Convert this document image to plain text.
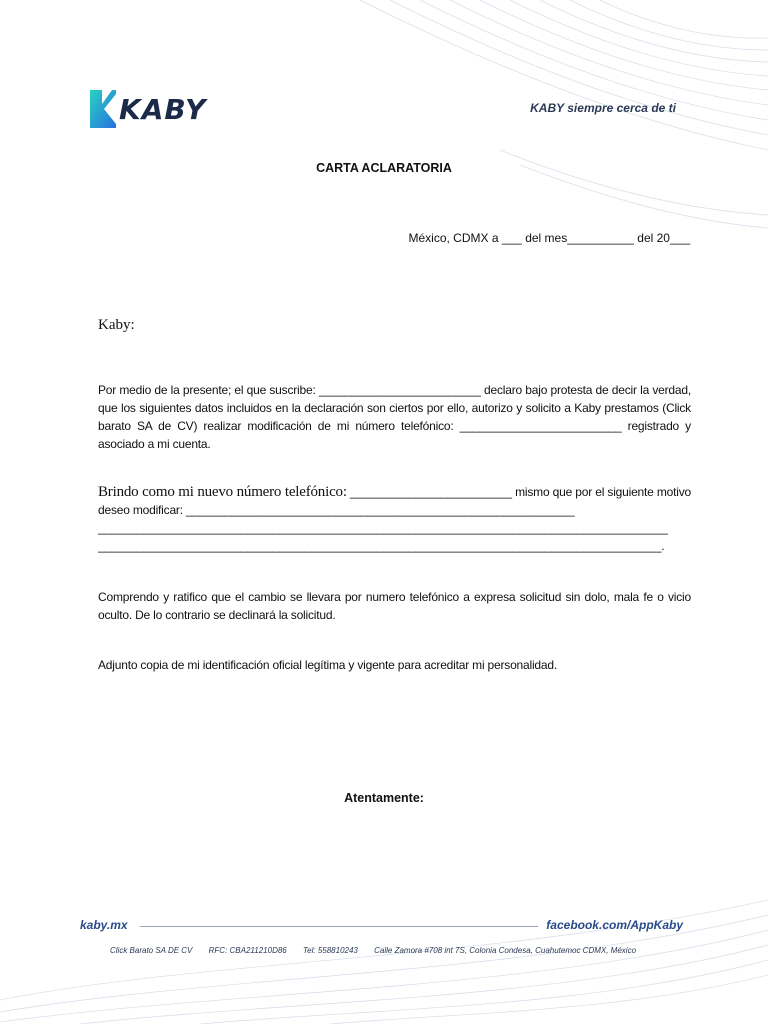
KABY	KABY siempre cerca de ti
CARTA ACLARATORIA
México, CDMX a ___ del mes__________ del 20___
Kaby:
Por medio de la presente; el que suscribe: _________________________ declaro bajo protesta de decir la verdad, que los siguientes datos incluidos en la declaración son ciertos por ello, autorizo y solicito a Kaby prestamos (Click barato SA de CV) realizar modificación de mi número telefónico: _________________________ registrado y asociado a mi cuenta.
Brindo como mi nuevo número telefónico: _________________________ mismo que por el siguiente motivo deseo modificar: ____________________________________________________________
________________________________________________________________________________________
_______________________________________________________________________________________.
Comprendo y ratifico que el cambio se llevara por numero telefónico a expresa solicitud sin dolo, mala fe o vicio oculto. De lo contrario se declinará la solicitud.
Adjunto copia de mi identificación oficial legítima y vigente para acreditar mi personalidad.
Atentamente:
kaby.mx	facebook.com/AppKaby
Click Barato SA DE CV RFC: CBA211210D86 Tel: 558810243 Calle Zamora #708 int 7S, Colonia Condesa, Cuahutemoc CDMX, México
